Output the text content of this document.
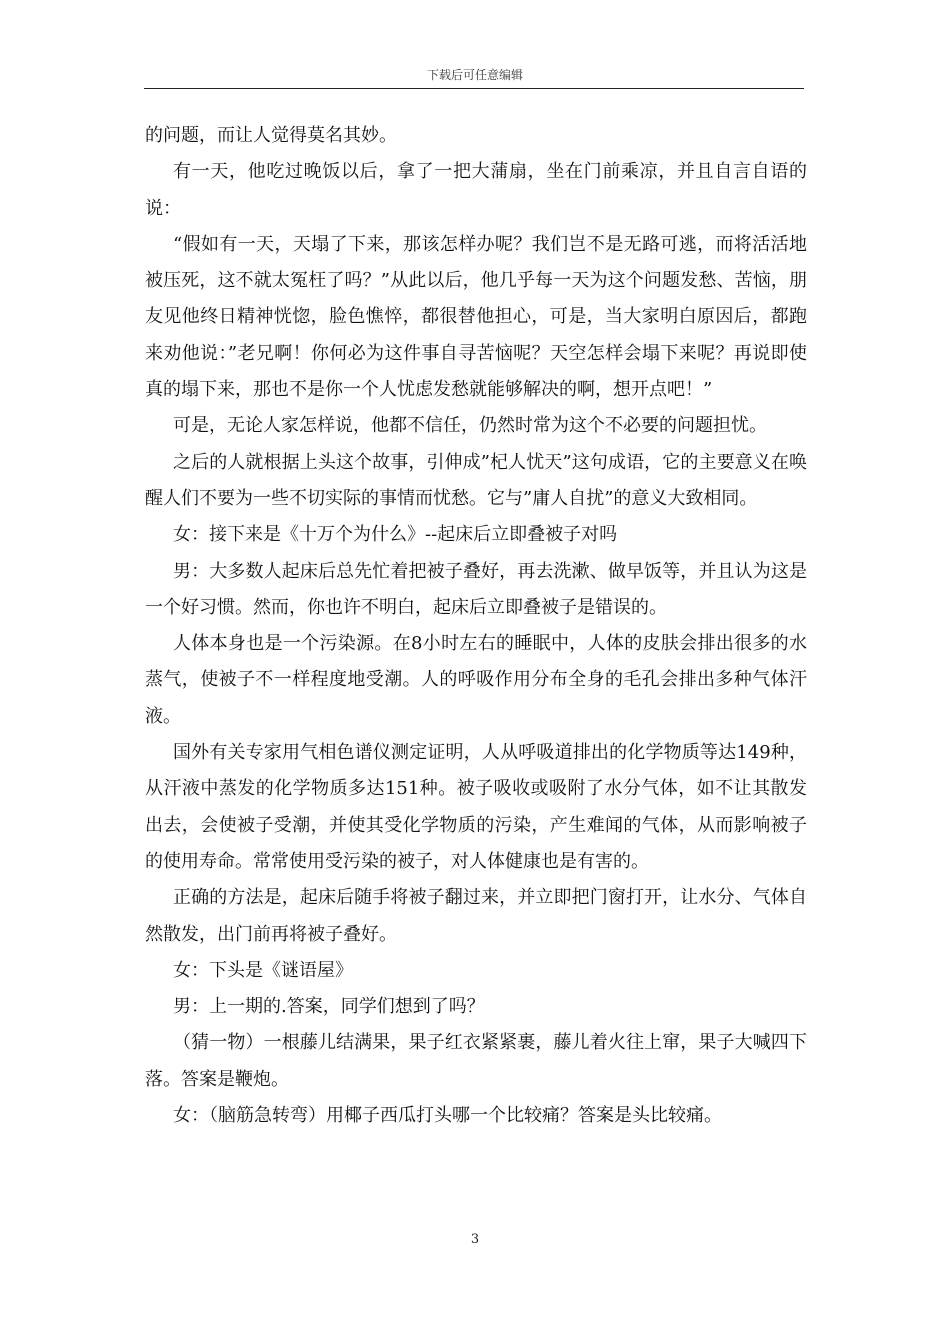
下载后可任意编辑

的问题，而让人觉得莫名其妙。

有一天，他吃过晚饭以后，拿了一把大蒲扇，坐在门前乘凉，并且自言自语的说：

“假如有一天，天塌了下来，那该怎样办呢？我们岂不是无路可逃，而将活活地被压死，这不就太冤枉了吗？”从此以后，他几乎每一天为这个问题发愁、苦恼，朋友见他终日精神恍惚，脸色憔悴，都很替他担心，可是，当大家明白原因后，都跑来劝他说：”老兄啊！你何必为这件事自寻苦恼呢？天空怎样会塌下来呢？再说即使真的塌下来，那也不是你一个人忧虑发愁就能够解决的啊，想开点吧！”

可是，无论人家怎样说，他都不信任，仍然时常为这个不必要的问题担忧。

之后的人就根据上头这个故事，引伸成”杞人忧天”这句成语，它的主要意义在唤醒人们不要为一些不切实际的事情而忧愁。它与”庸人自扰”的意义大致相同。

女：接下来是《十万个为什么》--起床后立即叠被子对吗

男：大多数人起床后总先忙着把被子叠好，再去洗漱、做早饭等，并且认为这是一个好习惯。然而，你也许不明白，起床后立即叠被子是错误的。

人体本身也是一个污染源。在8小时左右的睡眠中，人体的皮肤会排出很多的水蒸气，使被子不一样程度地受潮。人的呼吸作用分布全身的毛孔会排出多种气体汗液。

国外有关专家用气相色谱仪测定证明，人从呼吸道排出的化学物质等达149种，从汗液中蒸发的化学物质多达151种。被子吸收或吸附了水分气体，如不让其散发出去，会使被子受潮，并使其受化学物质的污染，产生难闻的气体，从而影响被子的使用寿命。常常使用受污染的被子，对人体健康也是有害的。

正确的方法是，起床后随手将被子翻过来，并立即把门窗打开，让水分、气体自然散发，出门前再将被子叠好。

女：下头是《谜语屋》

男：上一期的.答案，同学们想到了吗？

（猜一物）一根藤儿结满果，果子红衣紧紧裹，藤儿着火往上窜，果子大喊四下落。答案是鞭炮。

女：（脑筋急转弯）用椰子西瓜打头哪一个比较痛？答案是头比较痛。

3
